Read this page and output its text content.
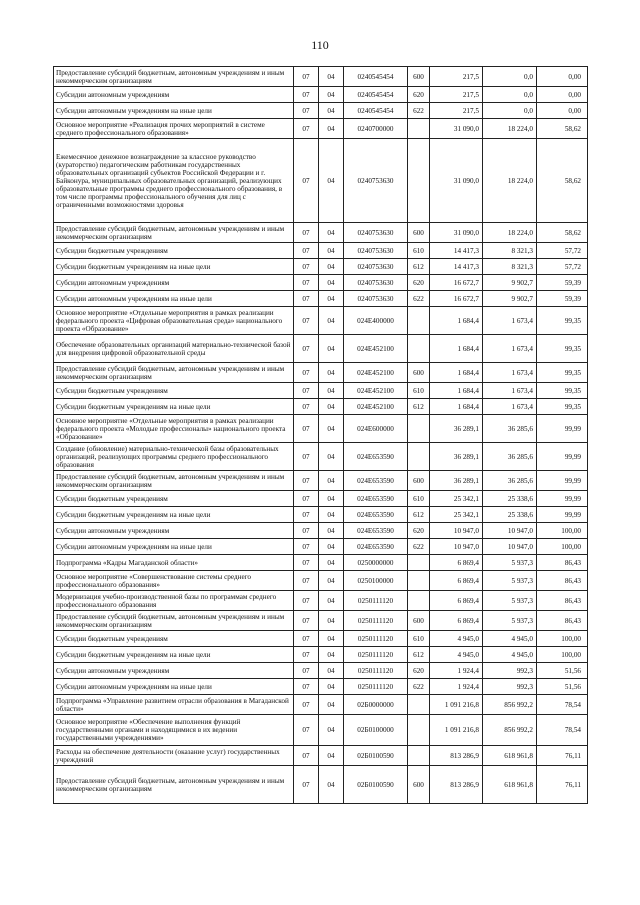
110
Предоставление субсидий бюджетным, автономным учреждениям и иным некоммерческим организациям	07	04	0240545454	600	217,5	0,0	0,00
Субсидии автономным учреждениям	07	04	0240545454	620	217,5	0,0	0,00
Субсидии автономным учреждениям на иные цели	07	04	0240545454	622	217,5	0,0	0,00
Основное мероприятие «Реализация прочих мероприятий в системе среднего профессионального образования»	07	04	0240700000		31 090,0	18 224,0	58,62
Ежемесячное денежное вознаграждение за классное руководство (кураторство) педагогическим работникам государственных образовательных организаций субъектов Российской Федерации и г. Байконура, муниципальных образовательных организаций, реализующих образовательные программы среднего профессионального образования, в том числе программы профессионального обучения для лиц с ограниченными возможностями здоровья	07	04	0240753630		31 090,0	18 224,0	58,62
Предоставление субсидий бюджетным, автономным учреждениям и иным некоммерческим организациям	07	04	0240753630	600	31 090,0	18 224,0	58,62
Субсидии бюджетным учреждениям	07	04	0240753630	610	14 417,3	8 321,3	57,72
Субсидии бюджетным учреждениям на иные цели	07	04	0240753630	612	14 417,3	8 321,3	57,72
Субсидии автономным учреждениям	07	04	0240753630	620	16 672,7	9 902,7	59,39
Субсидии автономным учреждениям на иные цели	07	04	0240753630	622	16 672,7	9 902,7	59,39
Основное мероприятие «Отдельные мероприятия в рамках реализации федерального проекта «Цифровая образовательная среда» национального проекта «Образование»	07	04	024E400000		1 684,4	1 673,4	99,35
Обеспечение образовательных организаций материально-технической базой для внедрения цифровой образовательной среды	07	04	024E452100		1 684,4	1 673,4	99,35
Предоставление субсидий бюджетным, автономным учреждениям и иным некоммерческим организациям	07	04	024E452100	600	1 684,4	1 673,4	99,35
Субсидии бюджетным учреждениям	07	04	024E452100	610	1 684,4	1 673,4	99,35
Субсидии бюджетным учреждениям на иные цели	07	04	024E452100	612	1 684,4	1 673,4	99,35
Основное мероприятие «Отдельные мероприятия в рамках реализации федерального проекта «Молодые профессионалы» национального проекта «Образование»	07	04	024E600000		36 289,1	36 285,6	99,99
Создание (обновление) материально-технической базы образовательных организаций, реализующих программы среднего профессионального образования	07	04	024E653590		36 289,1	36 285,6	99,99
Предоставление субсидий бюджетным, автономным учреждениям и иным некоммерческим организациям	07	04	024E653590	600	36 289,1	36 285,6	99,99
Субсидии бюджетным учреждениям	07	04	024E653590	610	25 342,1	25 338,6	99,99
Субсидии бюджетным учреждениям на иные цели	07	04	024E653590	612	25 342,1	25 338,6	99,99
Субсидии автономным учреждениям	07	04	024E653590	620	10 947,0	10 947,0	100,00
Субсидии автономным учреждениям на иные цели	07	04	024E653590	622	10 947,0	10 947,0	100,00
Подпрограмма «Кадры Магаданской области»	07	04	0250000000		6 869,4	5 937,3	86,43
Основное мероприятие «Совершенствование системы среднего профессионального образования»	07	04	0250100000		6 869,4	5 937,3	86,43
Модернизация учебно-производственной базы по программам среднего профессионального образования	07	04	0250111120		6 869,4	5 937,3	86,43
Предоставление субсидий бюджетным, автономным учреждениям и иным некоммерческим организациям	07	04	0250111120	600	6 869,4	5 937,3	86,43
Субсидии бюджетным учреждениям	07	04	0250111120	610	4 945,0	4 945,0	100,00
Субсидии бюджетным учреждениям на иные цели	07	04	0250111120	612	4 945,0	4 945,0	100,00
Субсидии автономным учреждениям	07	04	0250111120	620	1 924,4	992,3	51,56
Субсидии автономным учреждениям на иные цели	07	04	0250111120	622	1 924,4	992,3	51,56
Подпрограмма «Управление развитием отрасли образования в Магаданской области»	07	04	02Б0000000		1 091 216,8	856 992,2	78,54
Основное мероприятие «Обеспечение выполнения функций государственными органами и находящимися в их ведении государственными учреждениями»	07	04	02Б0100000		1 091 216,8	856 992,2	78,54
Расходы на обеспечение деятельности (оказание услуг) государственных учреждений	07	04	02Б0100590		813 286,9	618 961,8	76,11
Предоставление субсидий бюджетным, автономным учреждениям и иным некоммерческим организациям	07	04	02Б0100590	600	813 286,9	618 961,8	76,11
